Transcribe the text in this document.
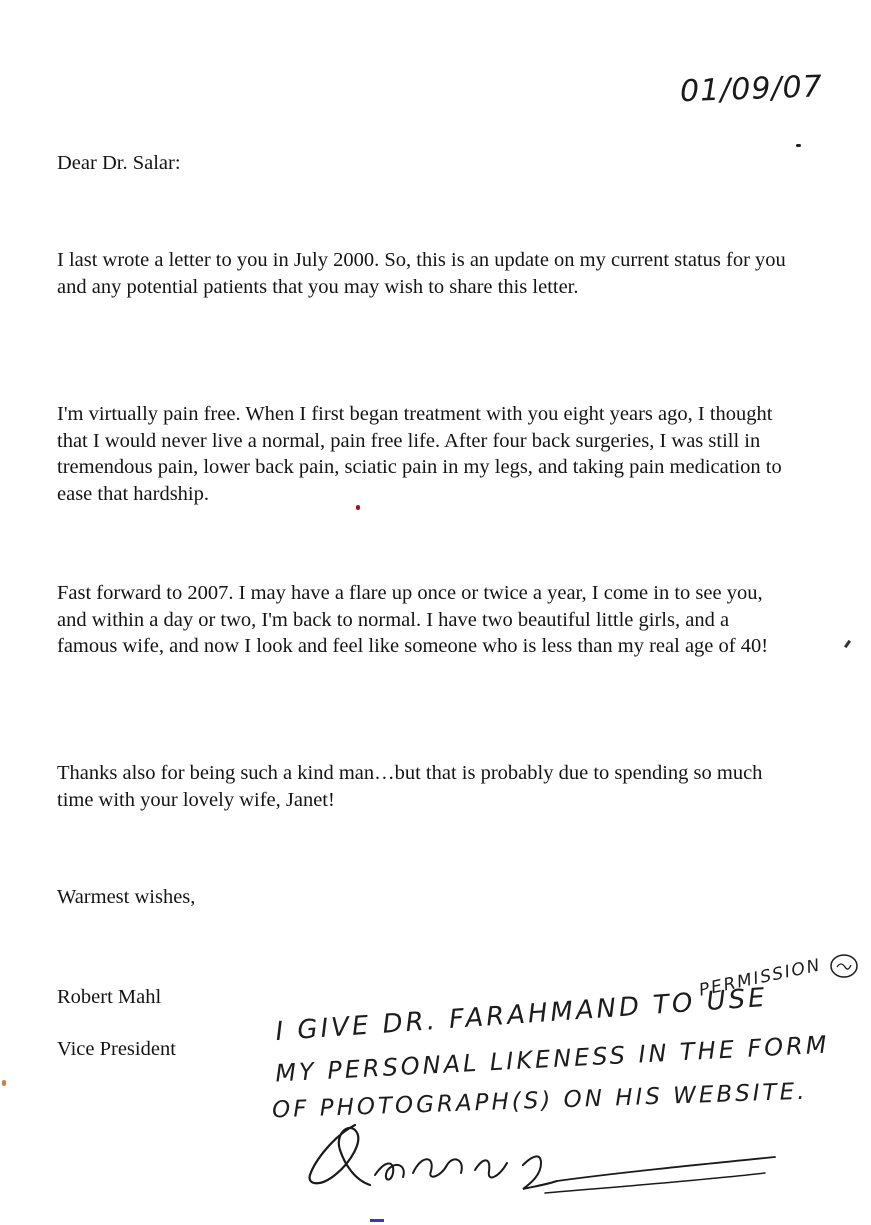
01/09/07
Dear Dr. Salar:
I last wrote a letter to you in July 2000. So, this is an update on my current status for you and any potential patients that you may wish to share this letter.
I'm virtually pain free. When I first began treatment with you eight years ago, I thought that I would never live a normal, pain free life. After four back surgeries, I was still in tremendous pain, lower back pain, sciatic pain in my legs, and taking pain medication to ease that hardship.
Fast forward to 2007. I may have a flare up once or twice a year, I come in to see you, and within a day or two, I'm back to normal. I have two beautiful little girls, and a famous wife, and now I look and feel like someone who is less than my real age of 40!
Thanks also for being such a kind man…but that is probably due to spending so much time with your lovely wife, Janet!
Warmest wishes,
Robert Mahl
Vice President
PERMISSION
I GIVE DR. FARAHMAND TO USE
MY PERSONAL LIKENESS IN THE FORM
OF PHOTOGRAPH(S) ON HIS WEBSITE.
